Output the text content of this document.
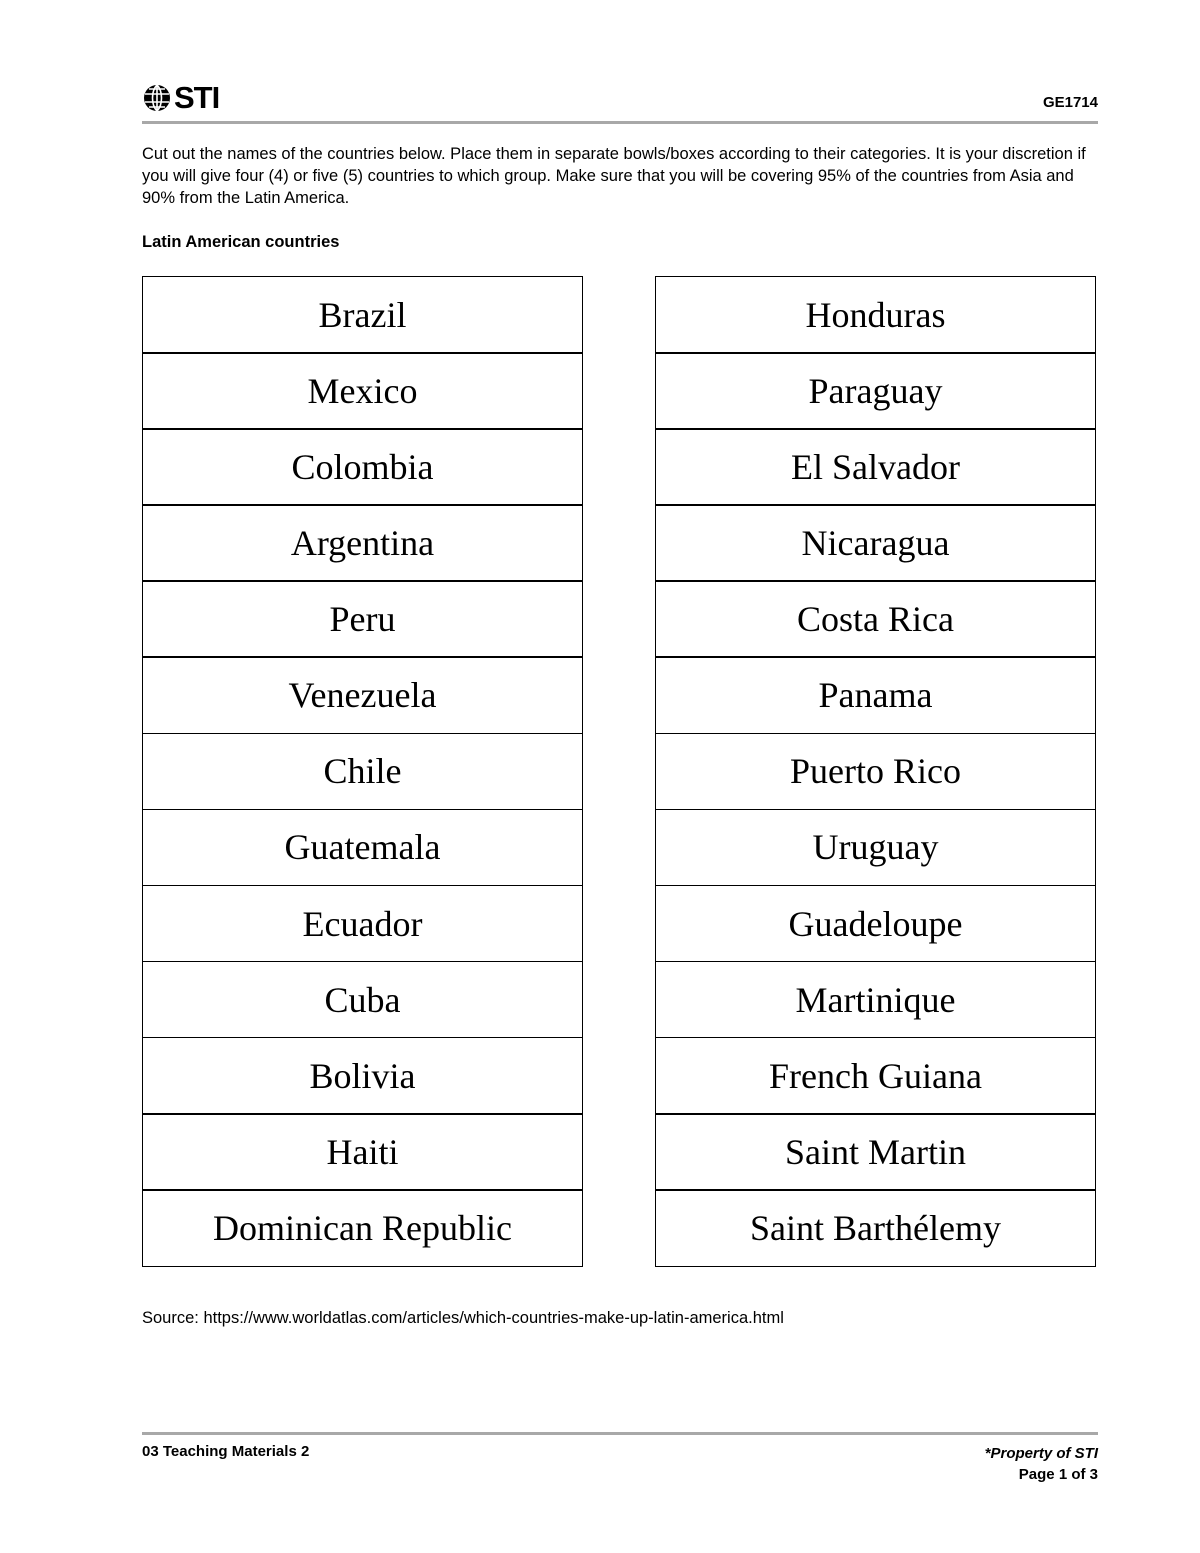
STI	GE1714

Cut out the names of the countries below. Place them in separate bowls/boxes according to their categories. It is your discretion if you will give four (4) or five (5) countries to which group. Make sure that you will be covering 95% of the countries from Asia and 90% from the Latin America.

Latin American countries

Brazil
Mexico
Colombia
Argentina
Peru
Venezuela
Chile
Guatemala
Ecuador
Cuba
Bolivia
Haiti
Dominican Republic
Honduras
Paraguay
El Salvador
Nicaragua
Costa Rica
Panama
Puerto Rico
Uruguay
Guadeloupe
Martinique
French Guiana
Saint Martin
Saint Barthélemy

Source: https://www.worldatlas.com/articles/which-countries-make-up-latin-america.html

03 Teaching Materials 2	*Property of STI
Page 1 of 3
